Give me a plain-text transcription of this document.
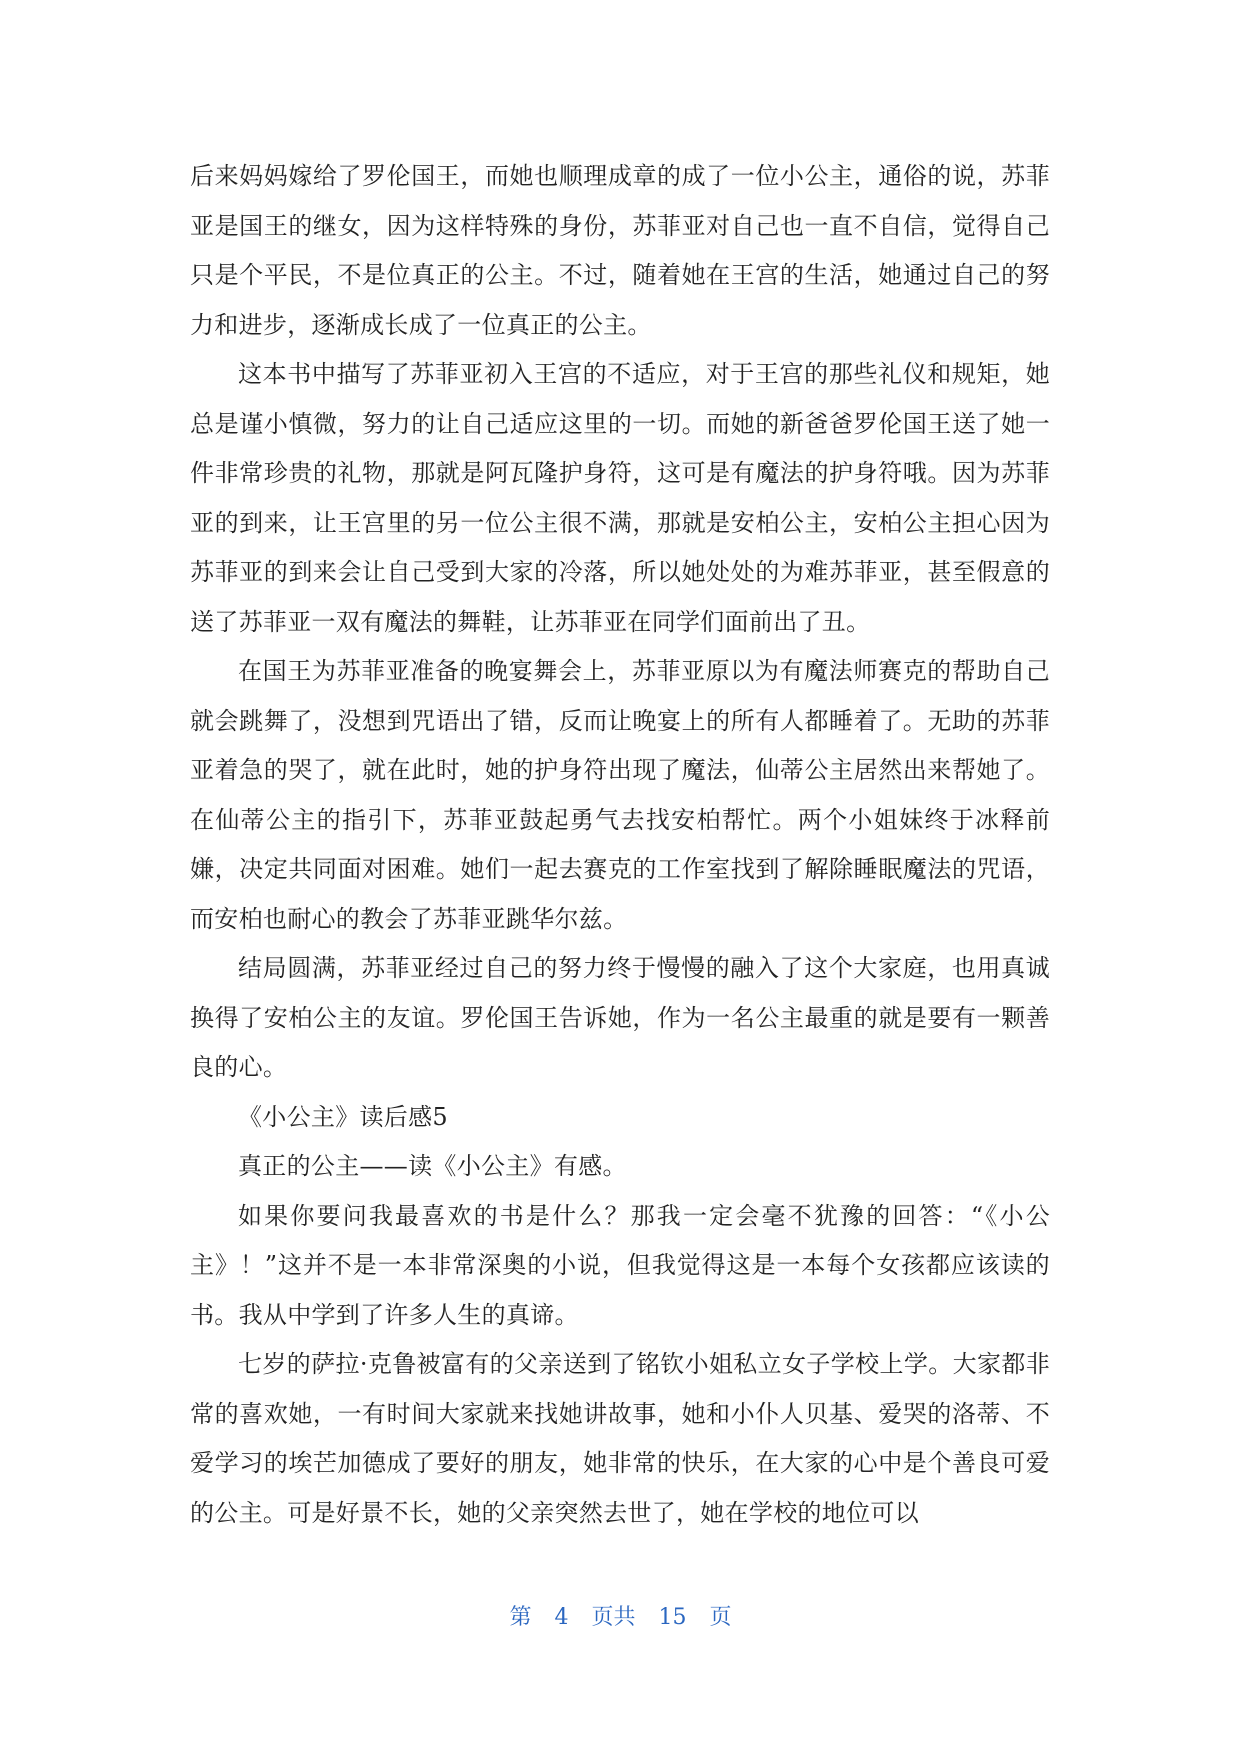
后来妈妈嫁给了罗伦国王，而她也顺理成章的成了一位小公主，通俗的说，苏菲亚是国王的继女，因为这样特殊的身份，苏菲亚对自己也一直不自信，觉得自己只是个平民，不是位真正的公主。不过，随着她在王宫的生活，她通过自己的努力和进步，逐渐成长成了一位真正的公主。

这本书中描写了苏菲亚初入王宫的不适应，对于王宫的那些礼仪和规矩，她总是谨小慎微，努力的让自己适应这里的一切。而她的新爸爸罗伦国王送了她一件非常珍贵的礼物，那就是阿瓦隆护身符，这可是有魔法的护身符哦。因为苏菲亚的到来，让王宫里的另一位公主很不满，那就是安柏公主，安柏公主担心因为苏菲亚的到来会让自己受到大家的冷落，所以她处处的为难苏菲亚，甚至假意的送了苏菲亚一双有魔法的舞鞋，让苏菲亚在同学们面前出了丑。

在国王为苏菲亚准备的晚宴舞会上，苏菲亚原以为有魔法师赛克的帮助自己就会跳舞了，没想到咒语出了错，反而让晚宴上的所有人都睡着了。无助的苏菲亚着急的哭了，就在此时，她的护身符出现了魔法，仙蒂公主居然出来帮她了。在仙蒂公主的指引下，苏菲亚鼓起勇气去找安柏帮忙。两个小姐妹终于冰释前嫌，决定共同面对困难。她们一起去赛克的工作室找到了解除睡眠魔法的咒语，而安柏也耐心的教会了苏菲亚跳华尔兹。

结局圆满，苏菲亚经过自己的努力终于慢慢的融入了这个大家庭，也用真诚换得了安柏公主的友谊。罗伦国王告诉她，作为一名公主最重的就是要有一颗善良的心。

《小公主》读后感5

真正的公主——读《小公主》有感。

如果你要问我最喜欢的书是什么？那我一定会毫不犹豫的回答：“《小公主》！”这并不是一本非常深奥的小说，但我觉得这是一本每个女孩都应该读的书。我从中学到了许多人生的真谛。

七岁的萨拉·克鲁被富有的父亲送到了铭钦小姐私立女子学校上学。大家都非常的喜欢她，一有时间大家就来找她讲故事，她和小仆人贝基、爱哭的洛蒂、不爱学习的埃芒加德成了要好的朋友，她非常的快乐，在大家的心中是个善良可爱的公主。可是好景不长，她的父亲突然去世了，她在学校的地位可以

第 4 页共 15 页
